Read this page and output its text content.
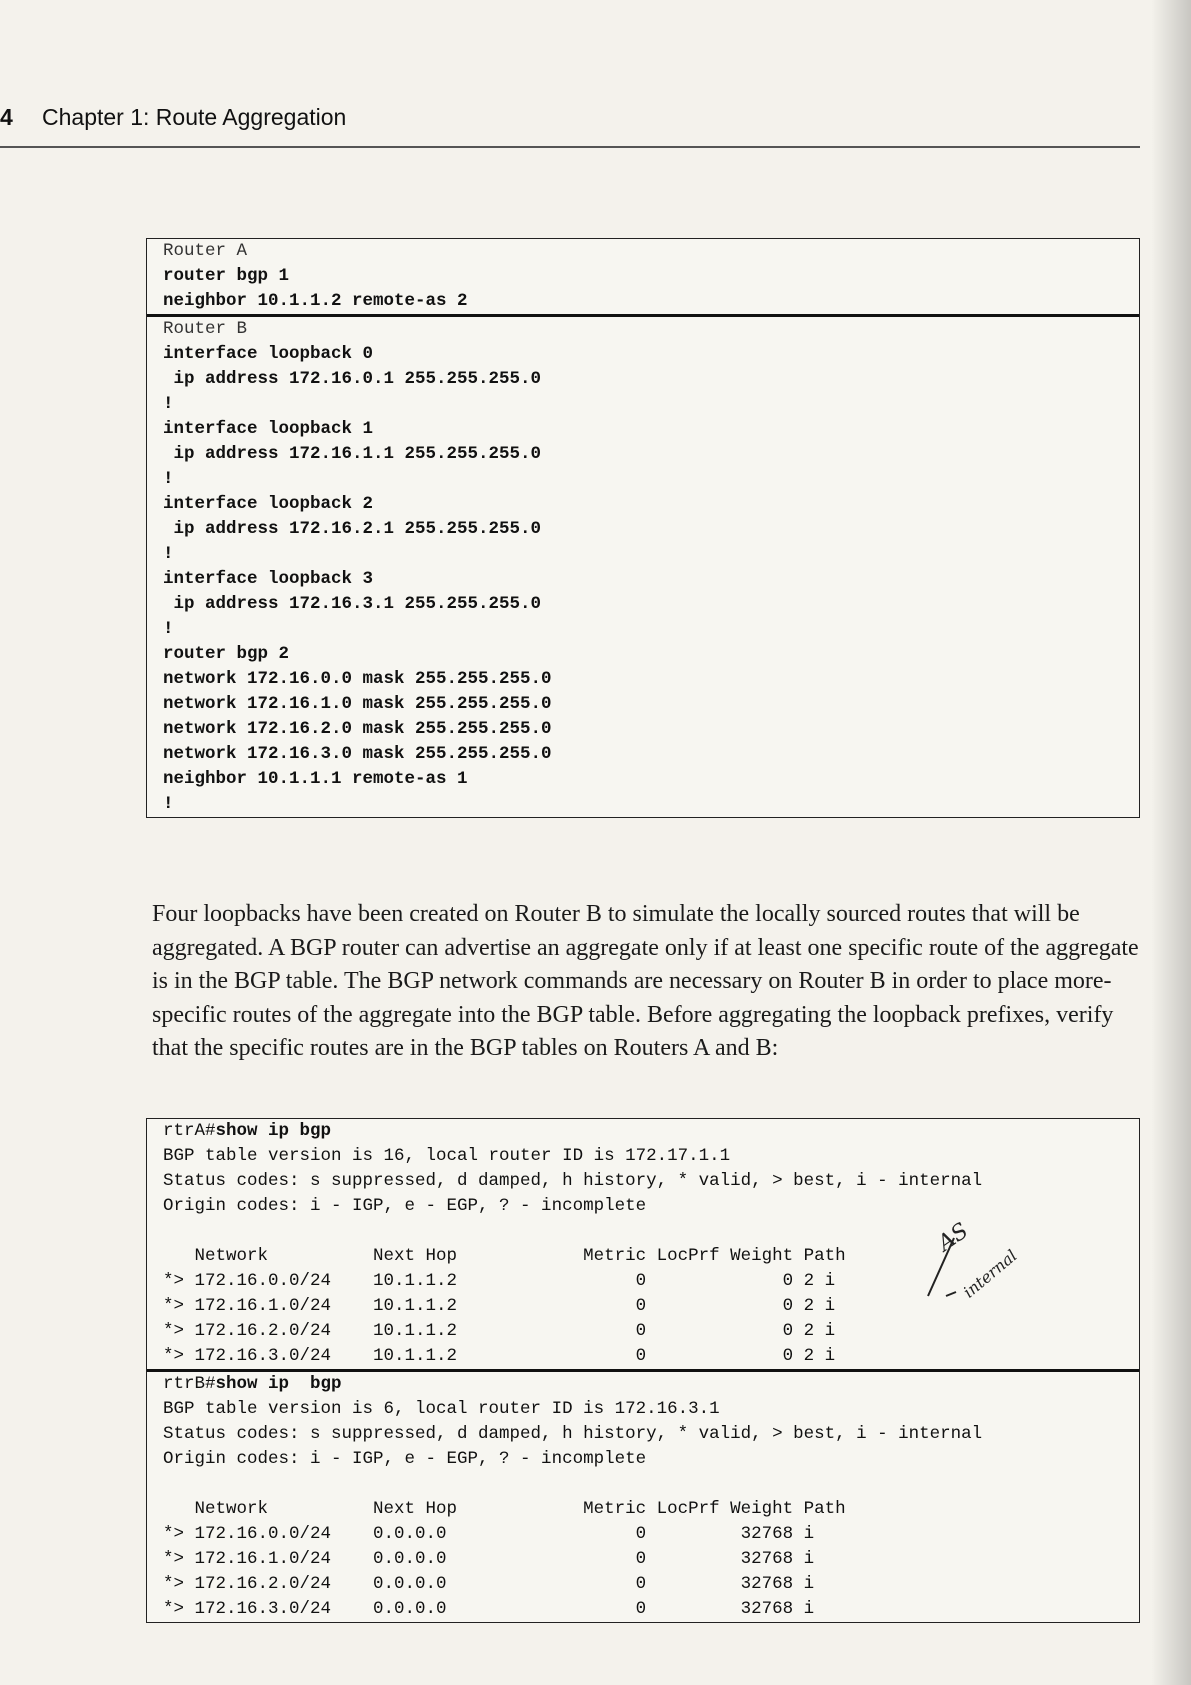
4 Chapter 1: Route Aggregation
Router A
router bgp 1
neighbor 10.1.1.2 remote-as 2
Router B
interface loopback 0
ip address 172.16.0.1 255.255.255.0
!
interface loopback 1
ip address 172.16.1.1 255.255.255.0
!
interface loopback 2
ip address 172.16.2.1 255.255.255.0
!
interface loopback 3
ip address 172.16.3.1 255.255.255.0
!
router bgp 2
network 172.16.0.0 mask 255.255.255.0
network 172.16.1.0 mask 255.255.255.0
network 172.16.2.0 mask 255.255.255.0
network 172.16.3.0 mask 255.255.255.0
neighbor 10.1.1.1 remote-as 1
!

Four loopbacks have been created on Router B to simulate the locally sourced routes that will be aggregated. A BGP router can advertise an aggregate only if at least one specific route of the aggregate is in the BGP table. The BGP network commands are necessary on Router B in order to place more-specific routes of the aggregate into the BGP table. Before aggregating the loopback prefixes, verify that the specific routes are in the BGP tables on Routers A and B:

rtrA#show ip bgp
BGP table version is 16, local router ID is 172.17.1.1
Status codes: s suppressed, d damped, h history, * valid, > best, i - internal
Origin codes: i - IGP, e - EGP, ? - incomplete
Network          Next Hop            Metric LocPrf Weight Path
*> 172.16.0.0/24    10.1.1.2                 0             0 2 i
*> 172.16.1.0/24    10.1.1.2                 0             0 2 i
*> 172.16.2.0/24    10.1.1.2                 0             0 2 i
*> 172.16.3.0/24    10.1.1.2                 0             0 2 i
rtrB#show ip  bgp
BGP table version is 6, local router ID is 172.16.3.1
Status codes: s suppressed, d damped, h history, * valid, > best, i - internal
Origin codes: i - IGP, e - EGP, ? - incomplete
Network          Next Hop            Metric LocPrf Weight Path
*> 172.16.0.0/24    0.0.0.0                  0         32768 i
*> 172.16.1.0/24    0.0.0.0                  0         32768 i
*> 172.16.2.0/24    0.0.0.0                  0         32768 i
*> 172.16.3.0/24    0.0.0.0                  0         32768 i
AS
internal
